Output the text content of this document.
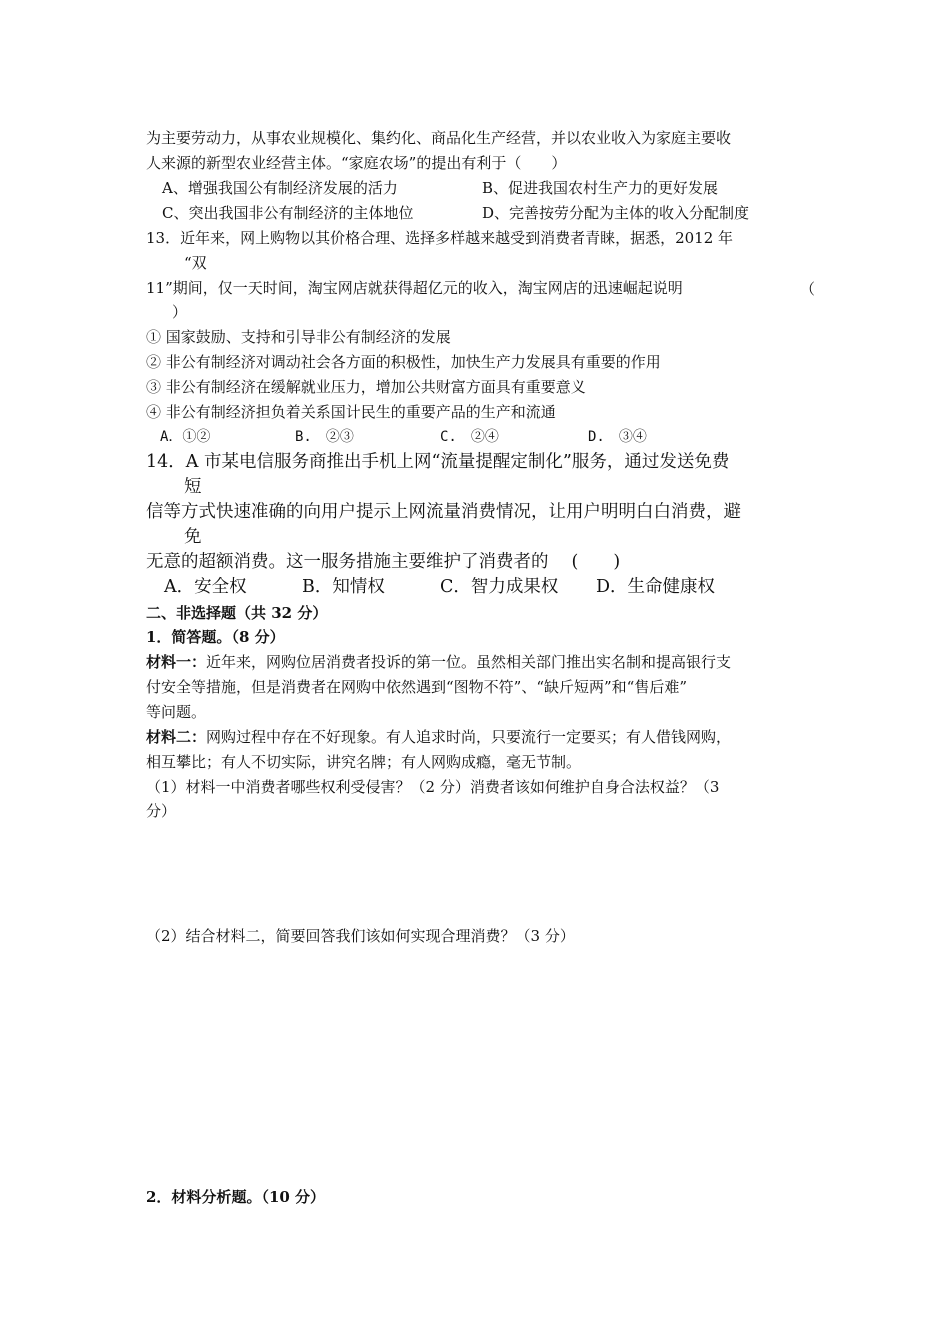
为主要劳动力，从事农业规模化、集约化、商品化生产经营，并以农业收入为家庭主要收
人来源的新型农业经营主体。“家庭农场”的提出有利于（　　）
A、增强我国公有制经济发展的活力	B、促进我国农村生产力的更好发展
C、突出我国非公有制经济的主体地位	D、完善按劳分配为主体的收入分配制度
13．近年来，网上购物以其价格合理、选择多样越来越受到消费者青睐，据悉，2012 年
“双
11”期间，仅一天时间，淘宝网店就获得超亿元的收入，淘宝网店的迅速崛起说明	（
）
① 国家鼓励、支持和引导非公有制经济的发展
② 非公有制经济对调动社会各方面的积极性，加快生产力发展具有重要的作用
③ 非公有制经济在缓解就业压力，增加公共财富方面具有重要意义
④ 非公有制经济担负着关系国计民生的重要产品的生产和流通
A．①②	B.　②③	C.　②④	D.　③④
14．A 市某电信服务商推出手机上网“流量提醒定制化”服务，通过发送免费
短
信等方式快速准确的向用户提示上网流量消费情况，让用户明明白白消费，避
免
无意的超额消费。这一服务措施主要维护了消费者的　 (　　)
A．安全权	B．知情权	C．智力成果权 D．生命健康权
二、非选择题（共 32 分）
1．简答题。（8 分）
材料一：近年来，网购位居消费者投诉的第一位。虽然相关部门推出实名制和提高银行支
付安全等措施，但是消费者在网购中依然遇到“图物不符”、“缺斤短两”和“售后难”
等问题。
材料二：网购过程中存在不好现象。有人追求时尚，只要流行一定要买；有人借钱网购，
相互攀比；有人不切实际，讲究名牌；有人网购成瘾，毫无节制。
（1）材料一中消费者哪些权利受侵害？（2 分）消费者该如何维护自身合法权益？（3
分）
（2）结合材料二，简要回答我们该如何实现合理消费？（3 分）
2．材料分析题。（10 分）
